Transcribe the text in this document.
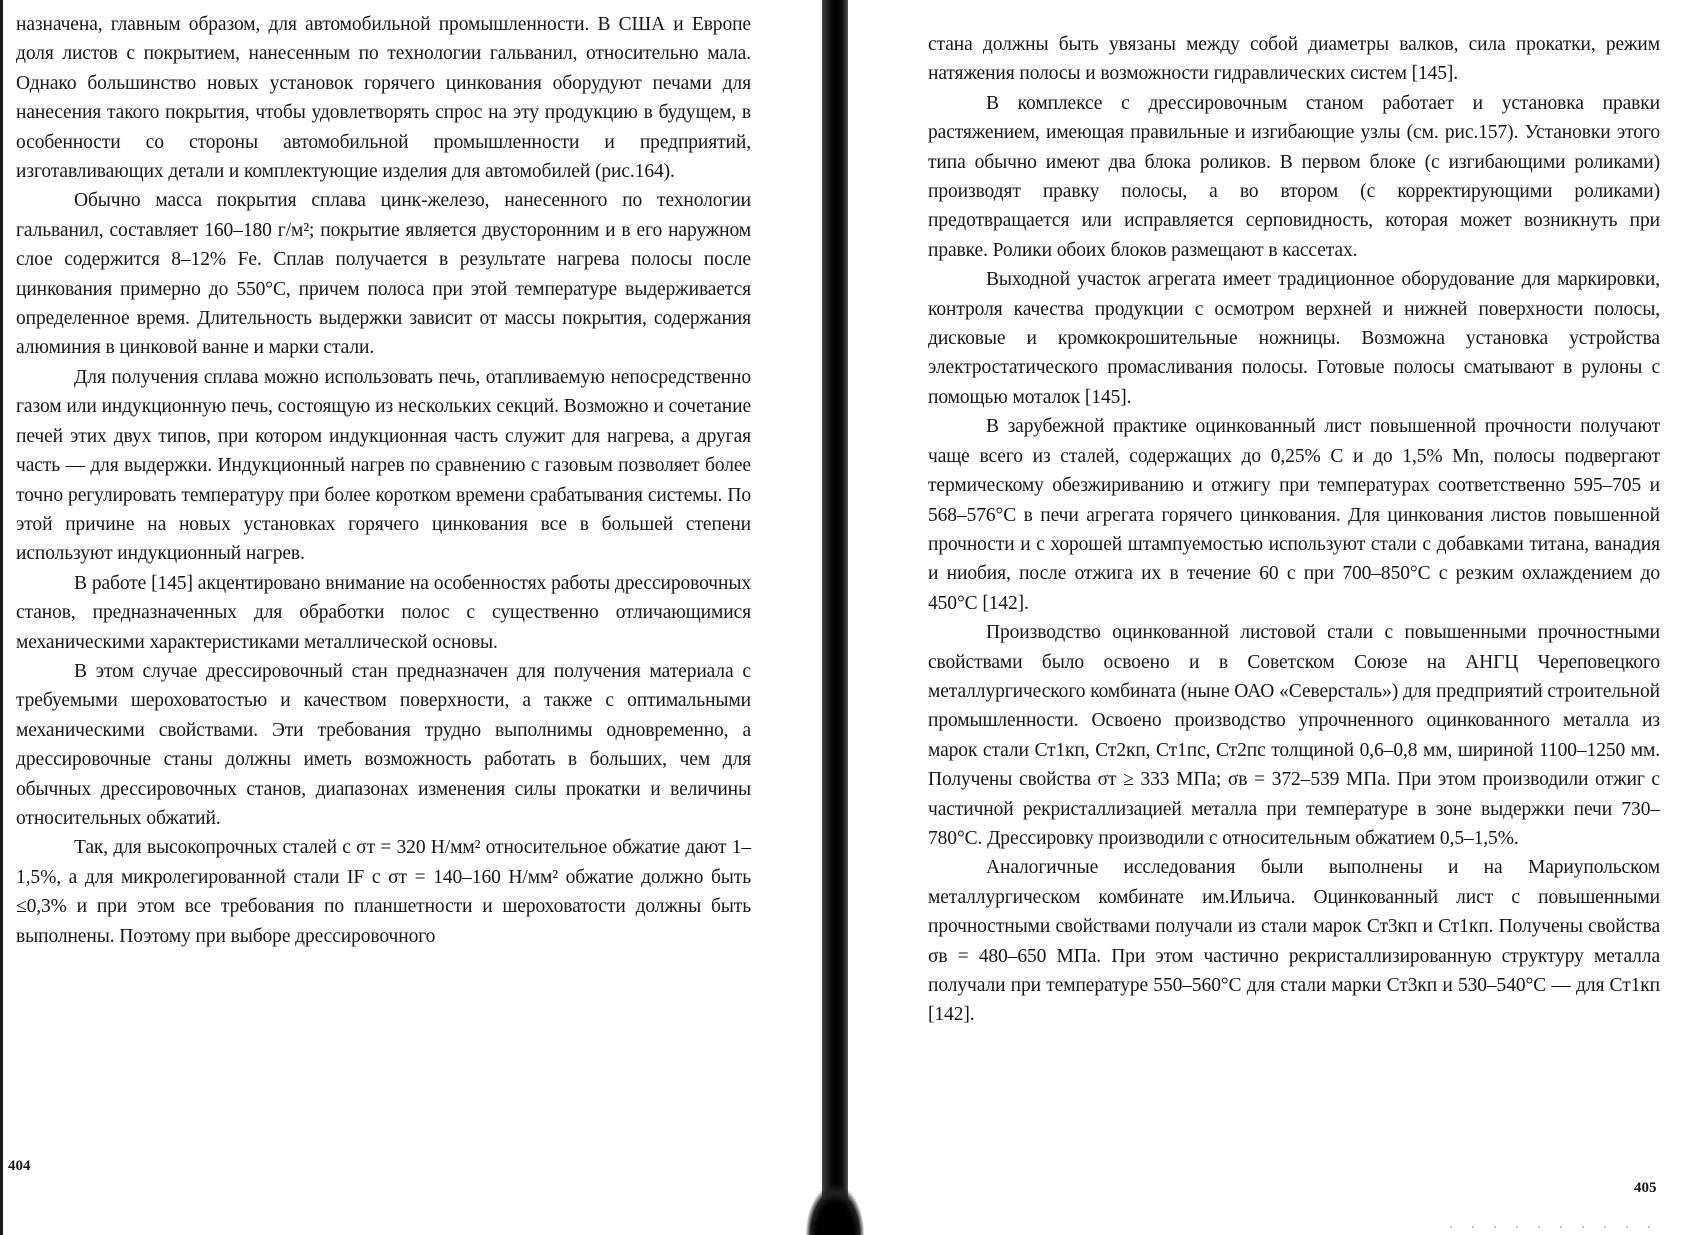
назначена, главным образом, для автомобильной промышленности. В США и Европе доля листов с покрытием, нанесенным по технологии гальванил, относительно мала. Однако большинство новых установок горячего цинкования оборудуют печами для нанесения такого покрытия, чтобы удовлетворять спрос на эту продукцию в будущем, в особенности со стороны автомобильной промышленности и предприятий, изготавливающих детали и комплектующие изделия для автомобилей (рис.164).

Обычно масса покрытия сплава цинк-железо, нанесенного по технологии гальванил, составляет 160–180 г/м²; покрытие является двусторонним и в его наружном слое содержится 8–12% Fe. Сплав получается в результате нагрева полосы после цинкования примерно до 550°С, причем полоса при этой температуре выдерживается определенное время. Длительность выдержки зависит от массы покрытия, содержания алюминия в цинковой ванне и марки стали.

Для получения сплава можно использовать печь, отапливаемую непосредственно газом или индукционную печь, состоящую из нескольких секций. Возможно и сочетание печей этих двух типов, при котором индукционная часть служит для нагрева, а другая часть — для выдержки. Индукционный нагрев по сравнению с газовым позволяет более точно регулировать температуру при более коротком времени срабатывания системы. По этой причине на новых установках горячего цинкования все в большей степени используют индукционный нагрев.

В работе [145] акцентировано внимание на особенностях работы дрессировочных станов, предназначенных для обработки полос с существенно отличающимися механическими характеристиками металлической основы.

В этом случае дрессировочный стан предназначен для получения материала с требуемыми шероховатостью и качеством поверхности, а также с оптимальными механическими свойствами. Эти требования трудно выполнимы одновременно, а дрессировочные станы должны иметь возможность работать в больших, чем для обычных дрессировочных станов, диапазонах изменения силы прокатки и величины относительных обжатий.

Так, для высокопрочных сталей с σт = 320 Н/мм² относительное обжатие дают 1–1,5%, а для микролегированной стали IF с σт = 140–160 Н/мм² обжатие должно быть ≤0,3% и при этом все требования по планшетности и шероховатости должны быть выполнены. Поэтому при выборе дрессировочного

404

стана должны быть увязаны между собой диаметры валков, сила прокатки, режим натяжения полосы и возможности гидравлических систем [145].

В комплексе с дрессировочным станом работает и установка правки растяжением, имеющая правильные и изгибающие узлы (см. рис.157). Установки этого типа обычно имеют два блока роликов. В первом блоке (с изгибающими роликами) производят правку полосы, а во втором (с корректирующими роликами) предотвращается или исправляется серповидность, которая может возникнуть при правке. Ролики обоих блоков размещают в кассетах.

Выходной участок агрегата имеет традиционное оборудование для маркировки, контроля качества продукции с осмотром верхней и нижней поверхности полосы, дисковые и кромкокрошительные ножницы. Возможна установка устройства электростатического промасливания полосы. Готовые полосы сматывают в рулоны с помощью моталок [145].

В зарубежной практике оцинкованный лист повышенной прочности получают чаще всего из сталей, содержащих до 0,25% С и до 1,5% Mn, полосы подвергают термическому обезжириванию и отжигу при температурах соответственно 595–705 и 568–576°С в печи агрегата горячего цинкования. Для цинкования листов повышенной прочности и с хорошей штампуемостью используют стали с добавками титана, ванадия и ниобия, после отжига их в течение 60 с при 700–850°С с резким охлаждением до 450°С [142].

Производство оцинкованной листовой стали с повышенными прочностными свойствами было освоено и в Советском Союзе на АНГЦ Череповецкого металлургического комбината (ныне ОАО «Северсталь») для предприятий строительной промышленности. Освоено производство упрочненного оцинкованного металла из марок стали Ст1кп, Ст2кп, Ст1пс, Ст2пс толщиной 0,6–0,8 мм, шириной 1100–1250 мм. Получены свойства σт ≥ 333 МПа; σв = 372–539 МПа. При этом производили отжиг с частичной рекристаллизацией металла при температуре в зоне выдержки печи 730–780°С. Дрессировку производили с относительным обжатием 0,5–1,5%.

Аналогичные исследования были выполнены и на Мариупольском металлургическом комбинате им.Ильича. Оцинкованный лист с повышенными прочностными свойствами получали из стали марок Ст3кп и Ст1кп. Получены свойства σв = 480–650 МПа. При этом частично рекристаллизированную структуру металла получали при температуре 550–560°С для стали марки Ст3кп и 530–540°С — для Ст1кп [142].

405
